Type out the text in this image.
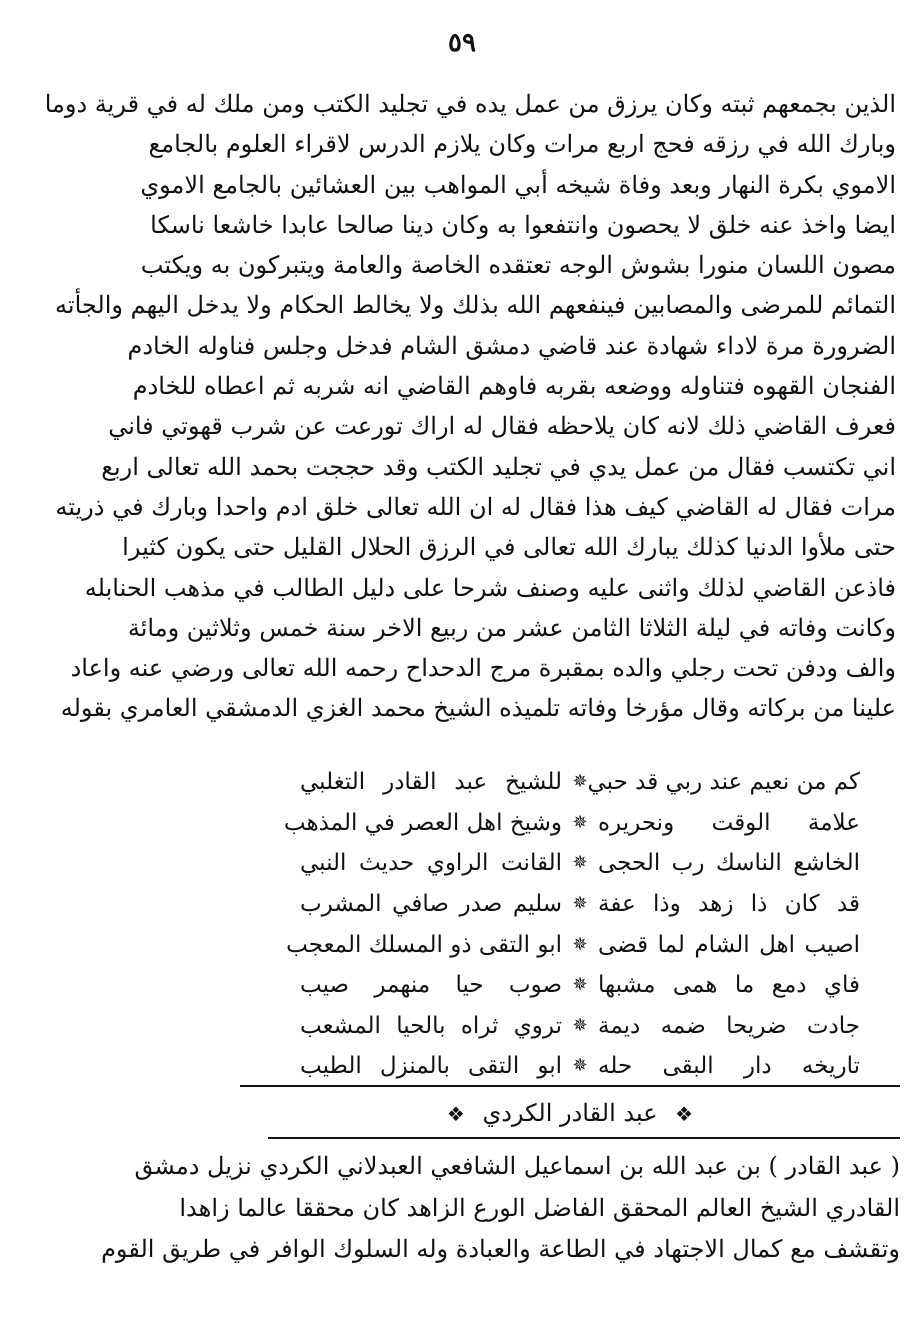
٥٩
الذين بجمعهم ثبته وكان يرزق من عمل يده في تجليد الكتب ومن ملك له في قرية دوما
وبارك الله في رزقه فحج اربع مرات وكان يلازم الدرس لاقراء العلوم بالجامع
الاموي بكرة النهار وبعد وفاة شيخه أبي المواهب بين العشائين بالجامع الاموي
ايضا واخذ عنه خلق لا يحصون وانتفعوا به وكان دينا صالحا عابدا خاشعا ناسكا
مصون اللسان منورا بشوش الوجه تعتقده الخاصة والعامة ويتبركون به ويكتب
التمائم للمرضى والمصابين فينفعهم الله بذلك ولا يخالط الحكام ولا يدخل اليهم والجأته
الضرورة مرة لاداء شهادة عند قاضي دمشق الشام فدخل وجلس فناوله الخادم
الفنجان القهوه فتناوله ووضعه بقربه فاوهم القاضي انه شربه ثم اعطاه للخادم
فعرف القاضي ذلك لانه كان يلاحظه فقال له اراك تورعت عن شرب قهوتي فاني
اني تكتسب فقال من عمل يدي في تجليد الكتب وقد حججت بحمد الله تعالى اربع
مرات فقال له القاضي كيف هذا فقال له ان الله تعالى خلق ادم واحدا وبارك في ذريته
حتى ملأوا الدنيا كذلك يبارك الله تعالى في الرزق الحلال القليل حتى يكون كثيرا
فاذعن القاضي لذلك واثنى عليه وصنف شرحا على دليل الطالب في مذهب الحنابله
وكانت وفاته في ليلة الثلاثا الثامن عشر من ربيع الاخر سنة خمس وثلاثين ومائة
والف ودفن تحت رجلي والده بمقبرة مرج الدحداح رحمه الله تعالى ورضي عنه واعاد
علينا من بركاته وقال مؤرخا وفاته تلميذه الشيخ محمد الغزي الدمشقي العامري بقوله
كم من نعيم عند ربي قد حبي
✵
للشيخ عبد القادر التغلبي
علامة الوقت ونحريره
✵
وشيخ اهل العصر في المذهب
الخاشع الناسك رب الحجى
✵
القانت الراوي حديث النبي
قد كان ذا زهد وذا عفة
✵
سليم صدر صافي المشرب
اصيب اهل الشام لما قضى
✵
ابو التقى ذو المسلك المعجب
فاي دمع ما همى مشبها
✵
صوب حيا منهمر صيب
جادت ضريحا ضمه ديمة
✵
تروي ثراه بالحيا المشعب
تاريخه دار البقى حله
✵
ابو التقى بالمنزل الطيب
❖ عبد القادر الكردي ❖
( عبد القادر ) بن عبد الله بن اسماعيل الشافعي العبدلاني الكردي نزيل دمشق
القادري الشيخ العالم المحقق الفاضل الورع الزاهد كان محققا عالما زاهدا
وتقشف مع كمال الاجتهاد في الطاعة والعبادة وله السلوك الوافر في طريق القوم
